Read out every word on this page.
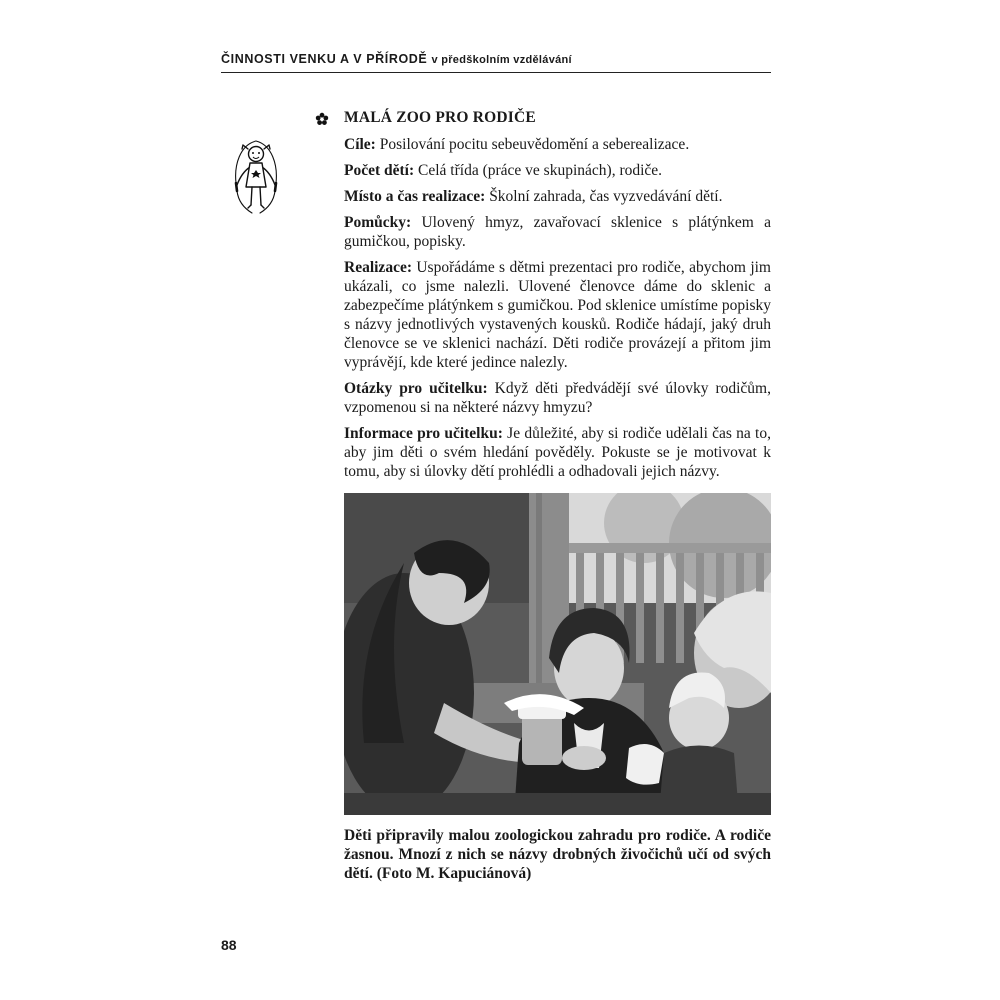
ČINNOSTI VENKU A V PŘÍRODĚ v předškolním vzdělávání
MALÁ ZOO PRO RODIČE

Cíle: Posilování pocitu sebeuvědomění a seberealizace.

Počet dětí: Celá třída (práce ve skupinách), rodiče.

Místo a čas realizace: Školní zahrada, čas vyzvedávání dětí.

Pomůcky: Ulovený hmyz, zavařovací sklenice s plátýnkem a gumičkou, popisky.

Realizace: Uspořádáme s dětmi prezentaci pro rodiče, abychom jim ukázali, co jsme nalezli. Ulovené členovce dáme do sklenic a zabezpečíme plátýnkem s gumičkou. Pod sklenice umístíme popisky s názvy jednotlivých vystavených kousků. Rodiče hádají, jaký druh členovce se ve sklenici nachází. Děti rodiče provázejí a přitom jim vyprávějí, kde které jedince nalezly.

Otázky pro učitelku: Když děti předvádějí své úlovky rodičům, vzpomenou si na některé názvy hmyzu?

Informace pro učitelku: Je důležité, aby si rodiče udělali čas na to, aby jim děti o svém hledání pověděly. Pokuste se je motivovat k tomu, aby si úlovky dětí prohlédli a odhadovali jejich názvy.

Děti připravily malou zoologickou zahradu pro rodiče. A rodiče žasnou. Mnozí z nich se názvy drobných živočichů učí od svých dětí. (Foto M. Kapuciánová)
88
